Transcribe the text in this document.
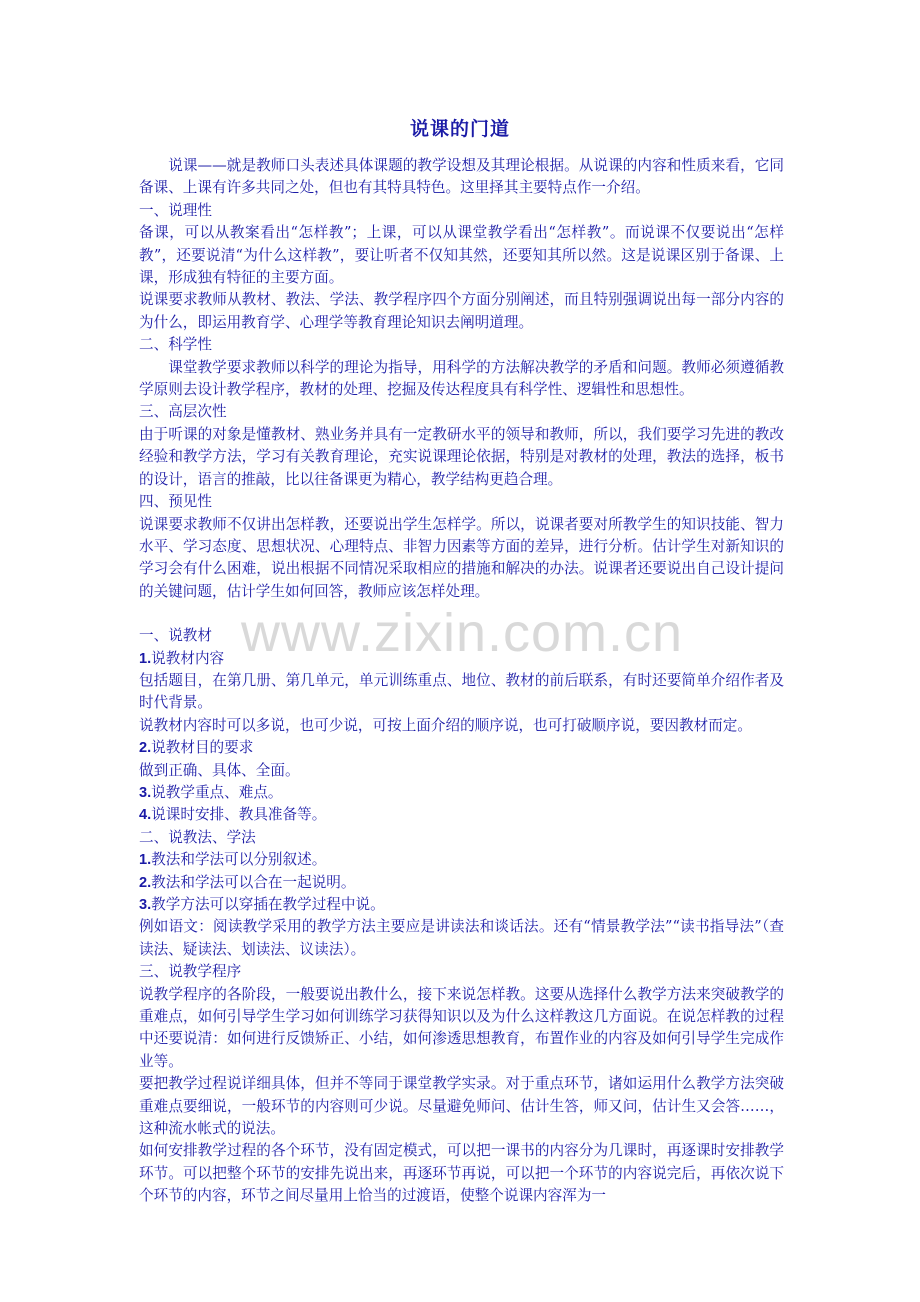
www.zixin.com.cn
说课的门道

说课——就是教师口头表述具体课题的教学设想及其理论根据。从说课的内容和性质来看，它同备课、上课有许多共同之处，但也有其特具特色。这里择其主要特点作一介绍。

一、说理性

备课，可以从教案看出“怎样教”；上课，可以从课堂教学看出“怎样教”。而说课不仅要说出“怎样教”，还要说清“为什么这样教”，要让听者不仅知其然，还要知其所以然。这是说课区别于备课、上课，形成独有特征的主要方面。

说课要求教师从教材、教法、学法、教学程序四个方面分别阐述，而且特别强调说出每一部分内容的为什么，即运用教育学、心理学等教育理论知识去阐明道理。

二、科学性

课堂教学要求教师以科学的理论为指导，用科学的方法解决教学的矛盾和问题。教师必须遵循教学原则去设计教学程序，教材的处理、挖掘及传达程度具有科学性、逻辑性和思想性。

三、高层次性

由于听课的对象是懂教材、熟业务并具有一定教研水平的领导和教师，所以，我们要学习先进的教改经验和教学方法，学习有关教育理论，充实说课理论依据，特别是对教材的处理，教法的选择，板书的设计，语言的推敲，比以往备课更为精心，教学结构更趋合理。

四、预见性

说课要求教师不仅讲出怎样教，还要说出学生怎样学。所以，说课者要对所教学生的知识技能、智力水平、学习态度、思想状况、心理特点、非智力因素等方面的差异，进行分析。估计学生对新知识的学习会有什么困难，说出根据不同情况采取相应的措施和解决的办法。说课者还要说出自己设计提问的关键问题，估计学生如何回答，教师应该怎样处理。

一、说教材

1.说教材内容

包括题目，在第几册、第几单元，单元训练重点、地位、教材的前后联系，有时还要简单介绍作者及时代背景。

说教材内容时可以多说，也可少说，可按上面介绍的顺序说，也可打破顺序说，要因教材而定。

2.说教材目的要求

做到正确、具体、全面。

3.说教学重点、难点。

4.说课时安排、教具准备等。

二、说教法、学法

1.教法和学法可以分别叙述。

2.教法和学法可以合在一起说明。

3.教学方法可以穿插在教学过程中说。

例如语文：阅读教学采用的教学方法主要应是讲读法和谈话法。还有“情景教学法”“读书指导法”（查读法、疑读法、划读法、议读法）。

三、说教学程序

说教学程序的各阶段，一般要说出教什么，接下来说怎样教。这要从选择什么教学方法来突破教学的重难点，如何引导学生学习如何训练学习获得知识以及为什么这样教这几方面说。在说怎样教的过程中还要说清：如何进行反馈矫正、小结，如何渗透思想教育，布置作业的内容及如何引导学生完成作业等。

要把教学过程说详细具体，但并不等同于课堂教学实录。对于重点环节，诸如运用什么教学方法突破重难点要细说，一般环节的内容则可少说。尽量避免师问、估计生答，师又问，估计生又会答……，这种流水帐式的说法。

如何安排教学过程的各个环节，没有固定模式，可以把一课书的内容分为几课时，再逐课时安排教学环节。可以把整个环节的安排先说出来，再逐环节再说，可以把一个环节的内容说完后，再依次说下个环节的内容，环节之间尽量用上恰当的过渡语，使整个说课内容浑为一
